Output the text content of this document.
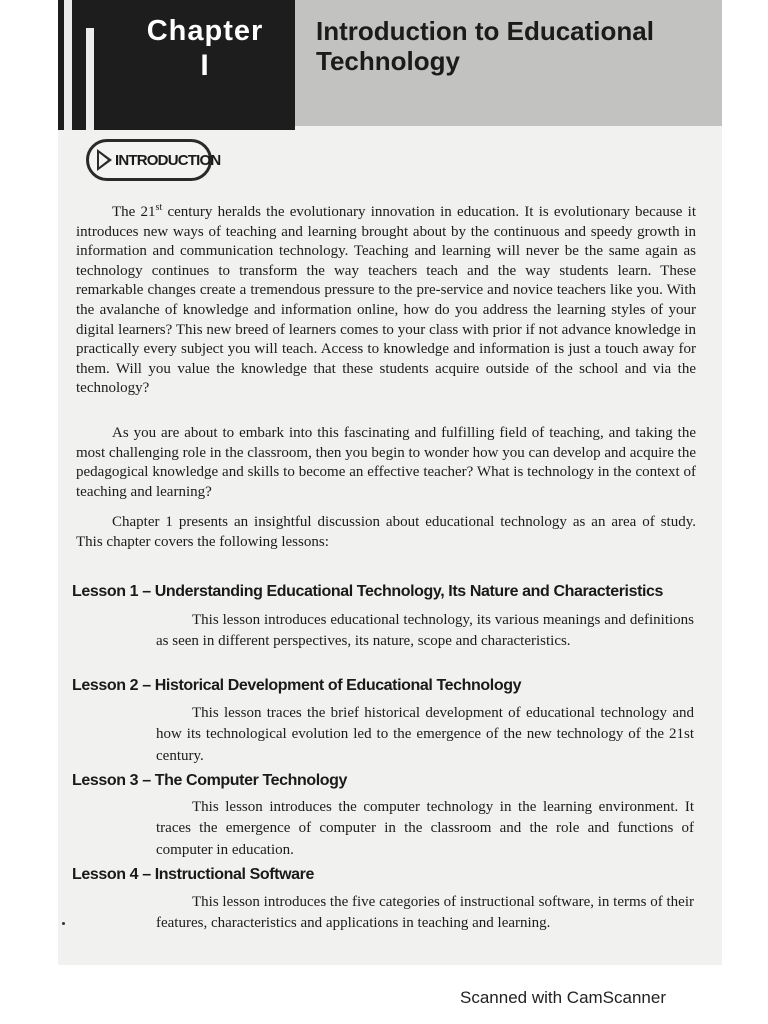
Chapter
I
Introduction to Educational
Technology
INTRODUCTION

The 21st century heralds the evolutionary innovation in education. It is evolutionary because it introduces new ways of teaching and learning brought about by the continuous and speedy growth in information and communication technology. Teaching and learning will never be the same again as technology continues to transform the way teachers teach and the way students learn. These remarkable changes create a tremendous pressure to the pre-service and novice teachers like you. With the avalanche of knowledge and information online, how do you address the learning styles of your digital learners? This new breed of learners comes to your class with prior if not advance knowledge in practically every subject you will teach. Access to knowledge and information is just a touch away for them. Will you value the knowledge that these students acquire outside of the school and via the technology?

As you are about to embark into this fascinating and fulfilling field of teaching, and taking the most challenging role in the classroom, then you begin to wonder how you can develop and acquire the pedagogical knowledge and skills to become an effective teacher? What is technology in the context of teaching and learning?

Chapter 1 presents an insightful discussion about educational technology as an area of study. This chapter covers the following lessons:

Lesson 1 – Understanding Educational Technology, Its Nature and Characteristics

This lesson introduces educational technology, its various meanings and definitions as seen in different perspectives, its nature, scope and characteristics.

Lesson 2 – Historical Development of Educational Technology

This lesson traces the brief historical development of educational technology and how its technological evolution led to the emergence of the new technology of the 21st century.

Lesson 3 – The Computer Technology

This lesson introduces the computer technology in the learning environment. It traces the emergence of computer in the classroom and the role and functions of computer in education.

Lesson 4 – Instructional Software

This lesson introduces the five categories of instructional software, in terms of their features, characteristics and applications in teaching and learning.

Scanned with CamScanner
